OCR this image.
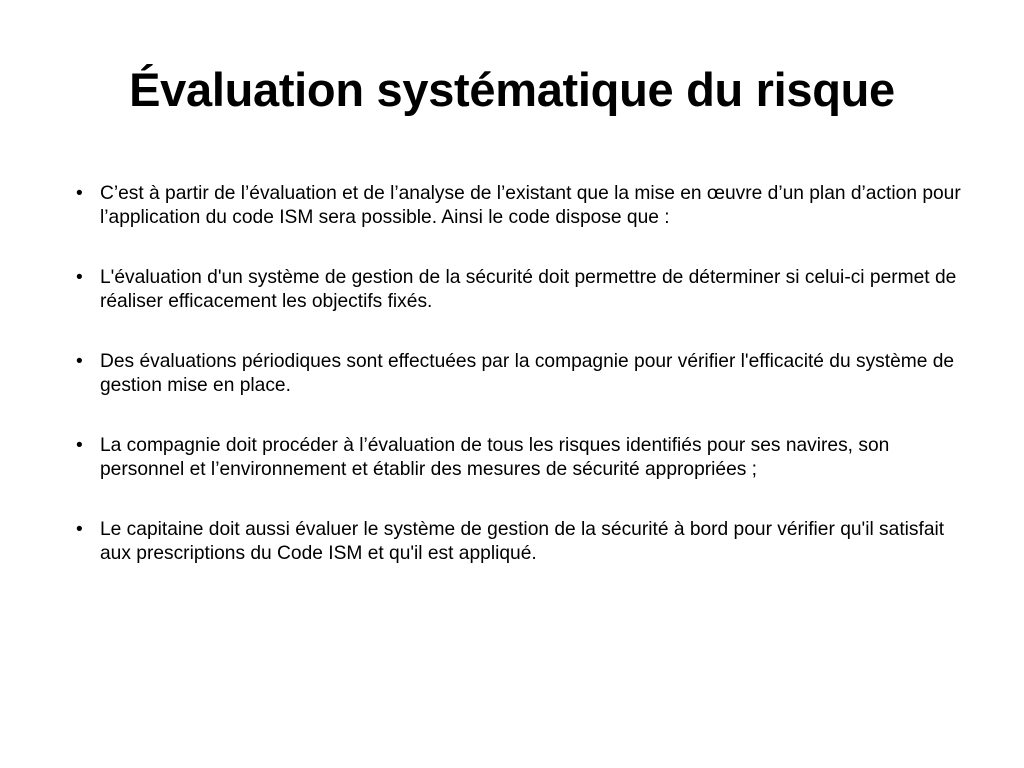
Évaluation systématique du risque
• C’est à partir de l’évaluation et de l’analyse de l’existant que la mise en œuvre d’un plan d’action pour l’application du code ISM sera possible. Ainsi le code dispose que :
• L'évaluation d'un système de gestion de la sécurité doit permettre de déterminer si celui-ci permet de réaliser efficacement les objectifs fixés.
• Des évaluations périodiques sont effectuées par la compagnie pour vérifier l'efficacité du système de gestion mise en place.
• La compagnie doit procéder à l’évaluation de tous les risques identifiés pour ses navires, son personnel et l’environnement et établir des mesures de sécurité appropriées ;
• Le capitaine doit aussi évaluer le système de gestion de la sécurité à bord pour vérifier qu'il satisfait aux prescriptions du Code ISM et qu'il est appliqué.
